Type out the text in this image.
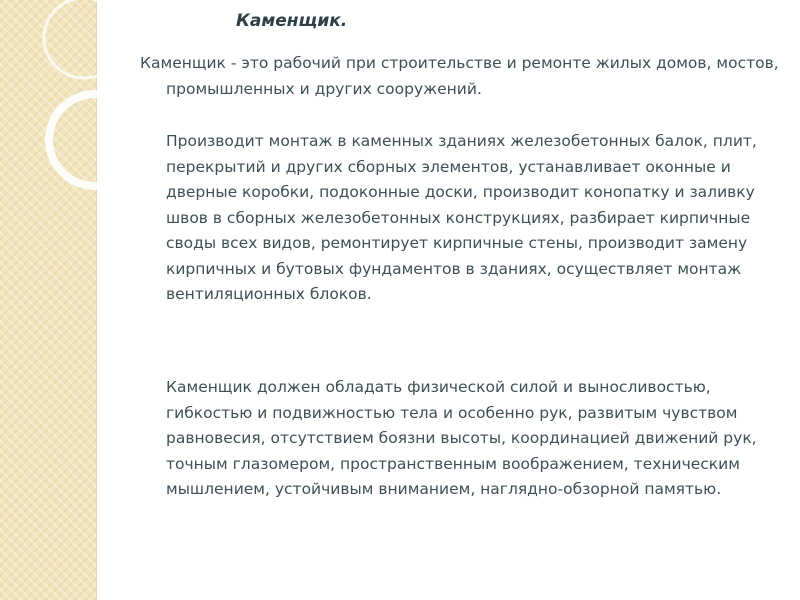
Каменщик.

Каменщик - это рабочий при строительстве и ремонте жилых домов, мостов, промышленных и других сооружений.

Производит монтаж в каменных зданиях железобетонных балок, плит, перекрытий и других сборных элементов, устанавливает оконные и дверные коробки, подоконные доски, производит конопатку и заливку швов в сборных железобетонных конструкциях, разбирает кирпичные своды всех видов, ремонтирует кирпичные стены, производит замену кирпичных и бутовых фундаментов в зданиях, осуществляет монтаж вентиляционных блоков.

Каменщик должен обладать физической силой и выносливостью, гибкостью и подвижностью тела и особенно рук, развитым чувством равновесия, отсутствием боязни высоты, координацией движений рук, точным глазомером, пространственным воображением, техническим мышлением, устойчивым вниманием, наглядно-обзорной памятью.
